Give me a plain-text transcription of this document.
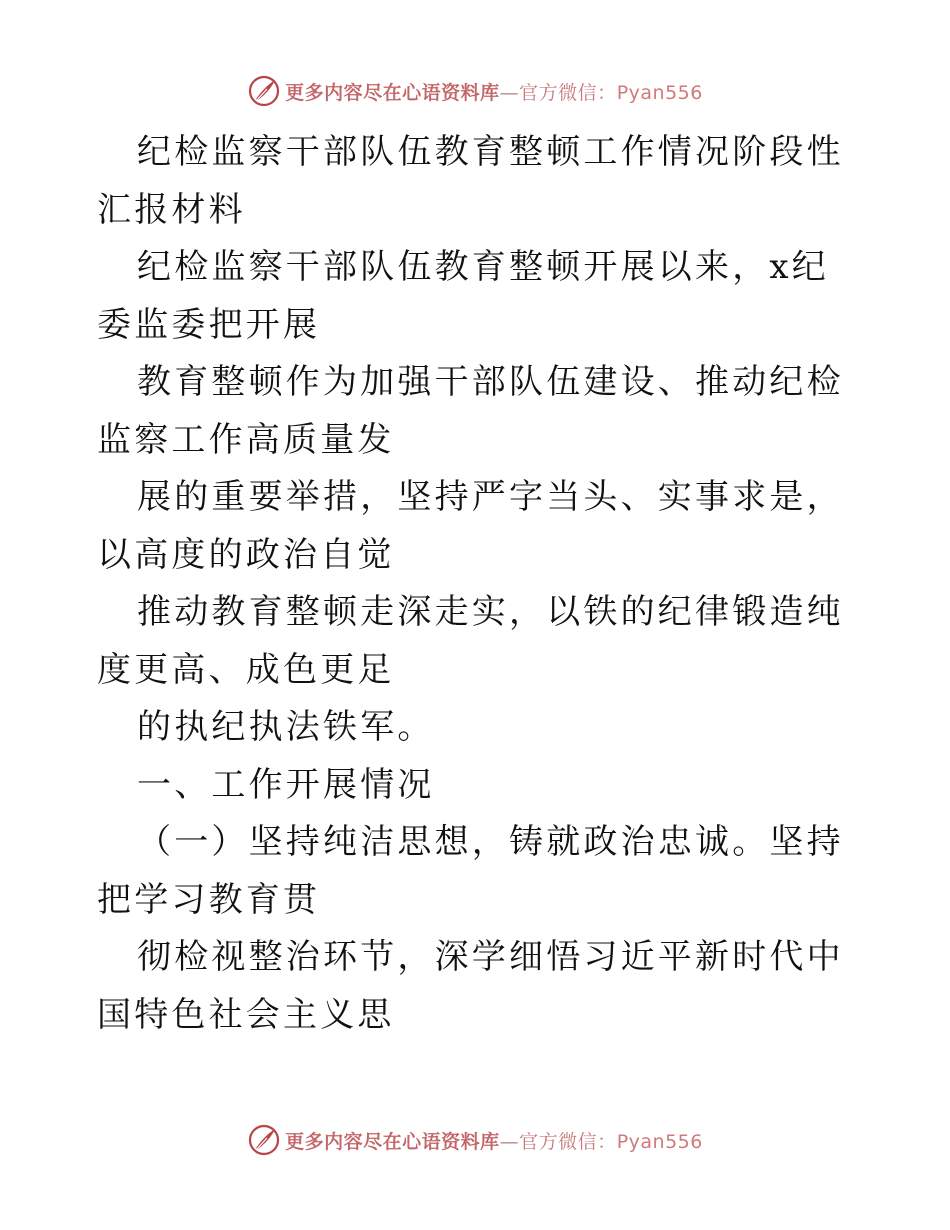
更多内容尽在心语资料库—官方微信：Pyan556

纪检监察干部队伍教育整顿工作情况阶段性汇报材料

纪检监察干部队伍教育整顿开展以来，x纪委监委把开展

教育整顿作为加强干部队伍建设、推动纪检监察工作高质量发

展的重要举措，坚持严字当头、实事求是，以高度的政治自觉

推动教育整顿走深走实，以铁的纪律锻造纯度更高、成色更足

的执纪执法铁军。

一、工作开展情况

（一）坚持纯洁思想，铸就政治忠诚。坚持把学习教育贯

彻检视整治环节，深学细悟习近平新时代中国特色社会主义思

更多内容尽在心语资料库—官方微信：Pyan556
